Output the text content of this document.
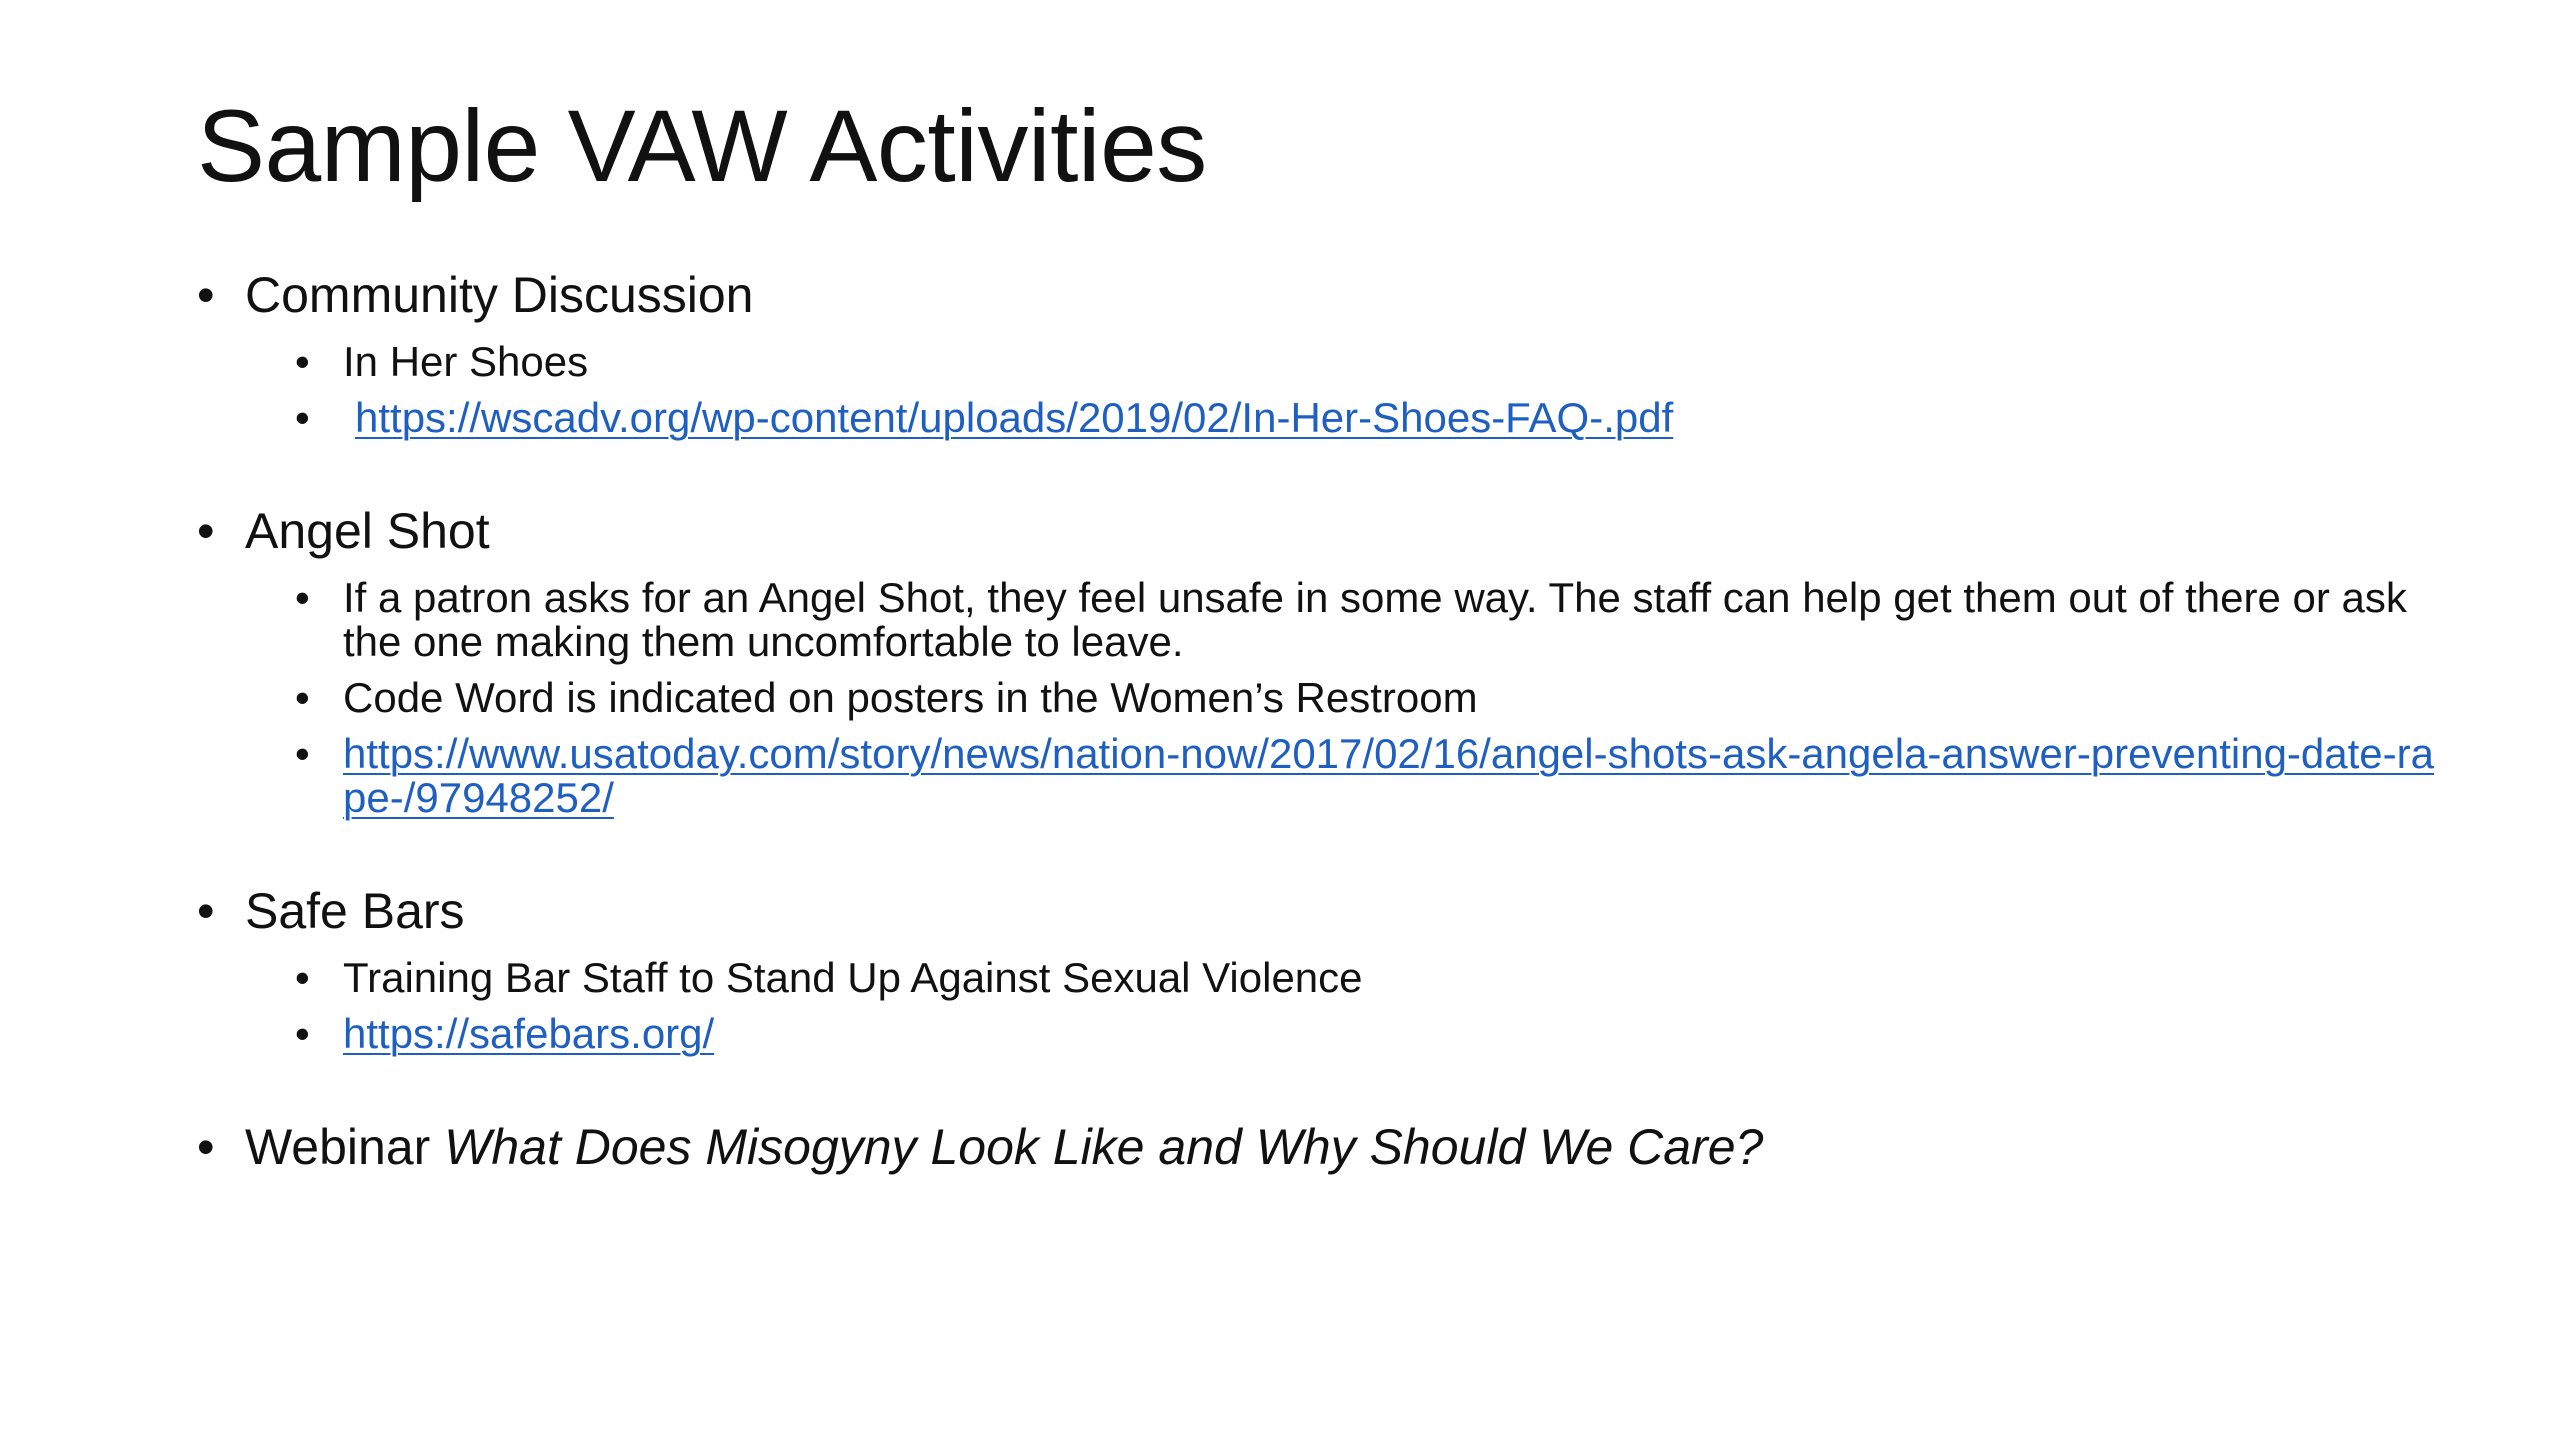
Sample VAW Activities
• Community Discussion
• In Her Shoes
• https://wscadv.org/wp-content/uploads/2019/02/In-Her-Shoes-FAQ-.pdf
• Angel Shot
• If a patron asks for an Angel Shot, they feel unsafe in some way. The staff can help get them out of there or ask the one making them uncomfortable to leave.
• Code Word is indicated on posters in the Women’s Restroom
• https://www.usatoday.com/story/news/nation-now/2017/02/16/angel-shots-ask-angela-answer-preventing-date-rape-/97948252/
• Safe Bars
• Training Bar Staff to Stand Up Against Sexual Violence
• https://safebars.org/
• Webinar What Does Misogyny Look Like and Why Should We Care?
